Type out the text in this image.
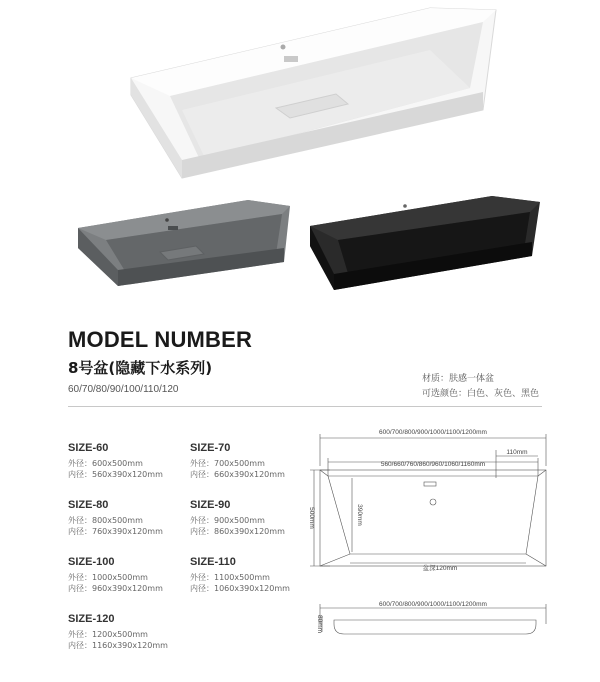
MODEL NUMBER
8号盆(隐藏下水系列)
60/70/80/90/100/110/120
材质：肤感一体盆
可选颜色：白色、灰色、黑色
SIZE-60
外径：600x500mm
内径：560x390x120mm
SIZE-70
外径：700x500mm
内径：660x390x120mm
SIZE-80
外径：800x500mm
内径：760x390x120mm
SIZE-90
外径：900x500mm
内径：860x390x120mm
SIZE-100
外径：1000x500mm
内径：960x390x120mm
SIZE-110
外径：1100x500mm
内径：1060x390x120mm
SIZE-120
外径：1200x500mm
内径：1160x390x120mm
600/700/800/900/1000/1100/1200mm
560/660/760/860/960/1060/1160mm
110mm
500mm	390mm
盆深120mm
600/700/800/900/1000/1100/1200mm
80mm
